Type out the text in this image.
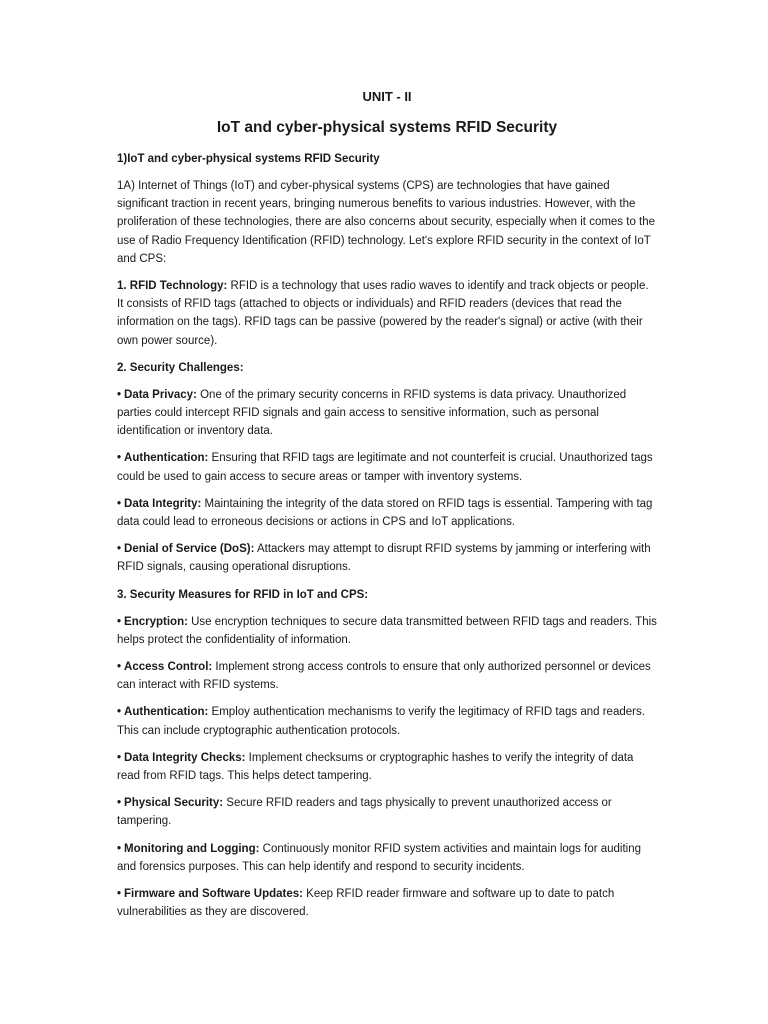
UNIT - II
IoT and cyber-physical systems RFID Security
1)IoT and cyber-physical systems RFID Security

1A) Internet of Things (IoT) and cyber-physical systems (CPS) are technologies that have gained significant traction in recent years, bringing numerous benefits to various industries. However, with the proliferation of these technologies, there are also concerns about security, especially when it comes to the use of Radio Frequency Identification (RFID) technology. Let's explore RFID security in the context of IoT and CPS:

1. RFID Technology: RFID is a technology that uses radio waves to identify and track objects or people. It consists of RFID tags (attached to objects or individuals) and RFID readers (devices that read the information on the tags). RFID tags can be passive (powered by the reader's signal) or active (with their own power source).

2. Security Challenges:

• Data Privacy: One of the primary security concerns in RFID systems is data privacy. Unauthorized parties could intercept RFID signals and gain access to sensitive information, such as personal identification or inventory data.

• Authentication: Ensuring that RFID tags are legitimate and not counterfeit is crucial. Unauthorized tags could be used to gain access to secure areas or tamper with inventory systems.

• Data Integrity: Maintaining the integrity of the data stored on RFID tags is essential. Tampering with tag data could lead to erroneous decisions or actions in CPS and IoT applications.

• Denial of Service (DoS): Attackers may attempt to disrupt RFID systems by jamming or interfering with RFID signals, causing operational disruptions.

3. Security Measures for RFID in IoT and CPS:

• Encryption: Use encryption techniques to secure data transmitted between RFID tags and readers. This helps protect the confidentiality of information.

• Access Control: Implement strong access controls to ensure that only authorized personnel or devices can interact with RFID systems.

• Authentication: Employ authentication mechanisms to verify the legitimacy of RFID tags and readers. This can include cryptographic authentication protocols.

• Data Integrity Checks: Implement checksums or cryptographic hashes to verify the integrity of data read from RFID tags. This helps detect tampering.

• Physical Security: Secure RFID readers and tags physically to prevent unauthorized access or tampering.

• Monitoring and Logging: Continuously monitor RFID system activities and maintain logs for auditing and forensics purposes. This can help identify and respond to security incidents.

• Firmware and Software Updates: Keep RFID reader firmware and software up to date to patch vulnerabilities as they are discovered.
